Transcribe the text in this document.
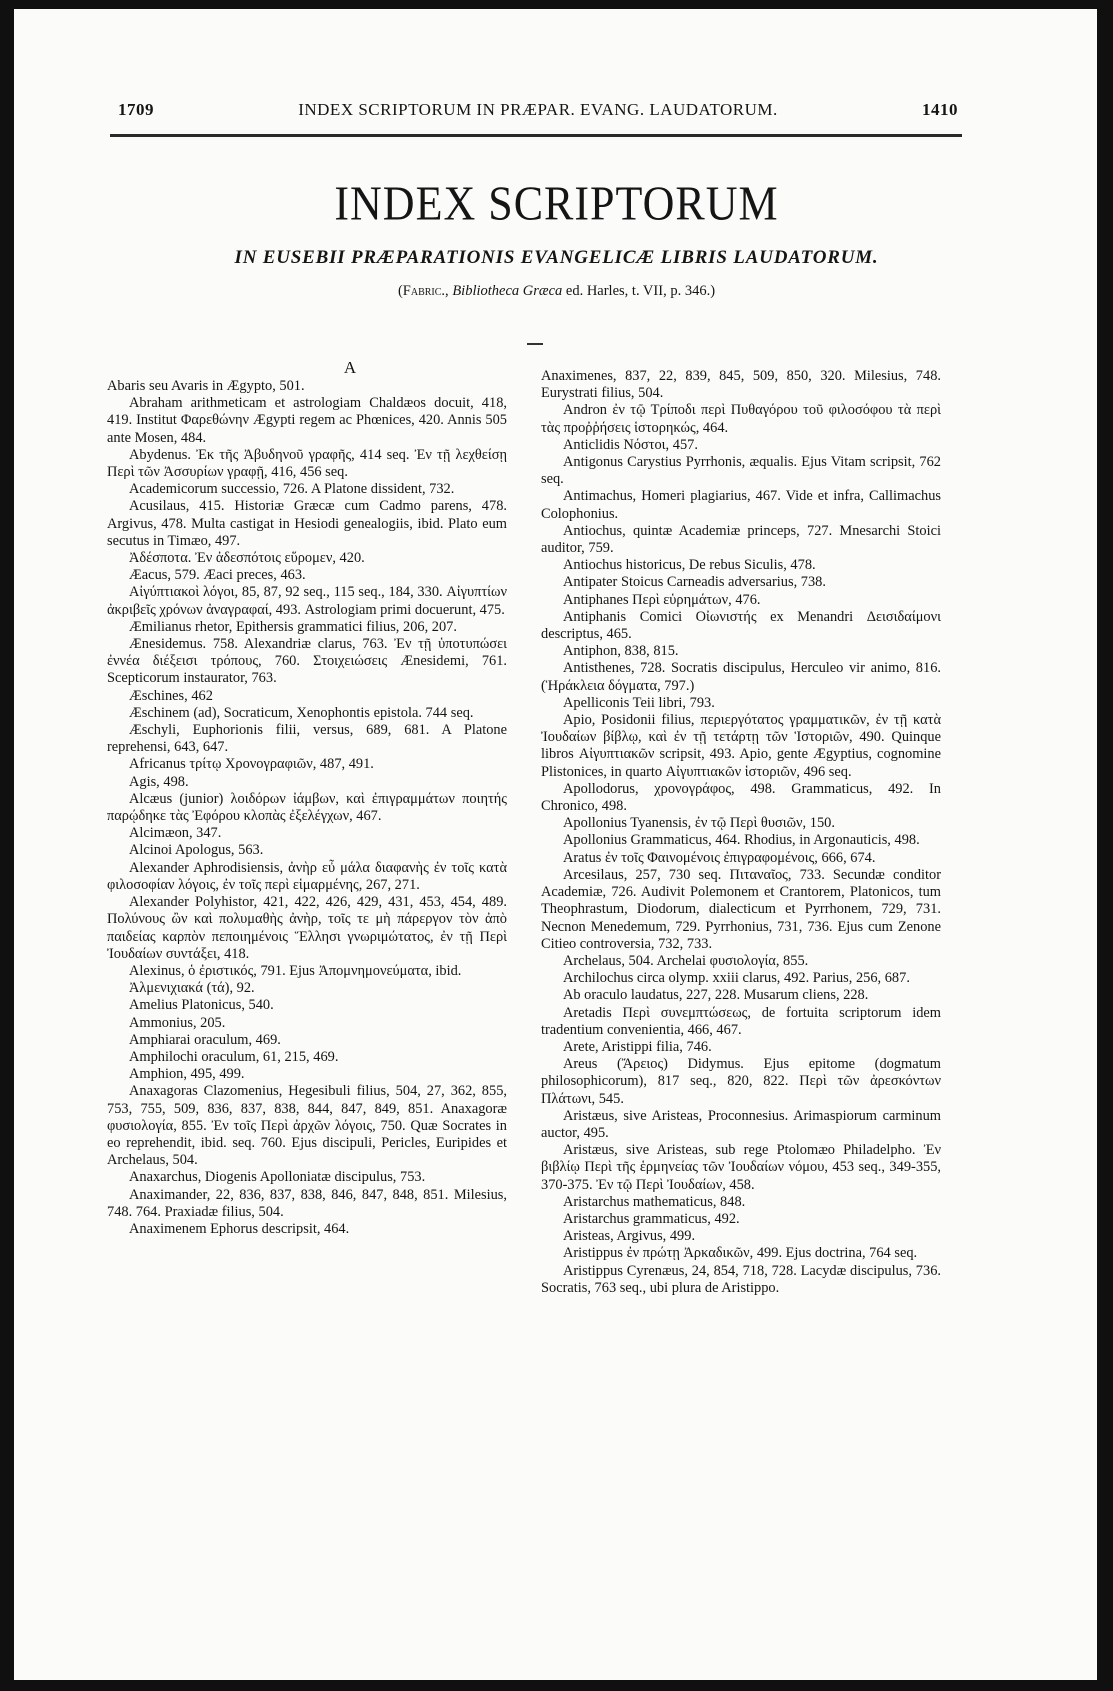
1709	INDEX SCRIPTORUM IN PRÆPAR. EVANG. LAUDATORUM.	1410
INDEX SCRIPTORUM
IN EUSEBII PRÆPARATIONIS EVANGELICÆ LIBRIS LAUDATORUM.
(Fabric., Bibliotheca Græca ed. Harles, t. VII, p. 346.)
A

Abaris seu Avaris in Ægypto, 501.

Abraham arithmeticam et astrologiam Chaldæos docuit, 418, 419. Institut Φαρεθώνην Ægypti regem ac Phœnices, 420. Annis 505 ante Mosen, 484.

Abydenus. Ἐκ τῆς Ἀβυδηνοῦ γραφῆς, 414 seq. Ἐν τῇ λεχθείσῃ Περὶ τῶν Ἀσσυρίων γραφῇ, 416, 456 seq.

Academicorum successio, 726. A Platone dissident, 732.

Acusilaus, 415. Historiæ Græcæ cum Cadmo parens, 478. Argivus, 478. Multa castigat in Hesiodi genealogiis, ibid. Plato eum secutus in Timæo, 497.

Ἀδέσποτα. Ἐν ἀδεσπότοις εὕρομεν, 420.

Æacus, 579. Æaci preces, 463.

Αἰγύπτιακοὶ λόγοι, 85, 87, 92 seq., 115 seq., 184, 330. Αἰγυπτίων ἀκριβεῖς χρόνων ἀναγραφαί, 493. Astrologiam primi docuerunt, 475.

Æmilianus rhetor, Epithersis grammatici filius, 206, 207.

Ænesidemus. 758. Alexandriæ clarus, 763. Ἐν τῇ ὑποτυπώσει ἐννέα διέξεισι τρόπους, 760. Στοιχειώσεις Ænesidemi, 761. Scepticorum instaurator, 763.

Æschines, 462

Æschinem (ad), Socraticum, Xenophontis epistola. 744 seq.

Æschyli, Euphorionis filii, versus, 689, 681. A Platone reprehensi, 643, 647.

Africanus τρίτῳ Χρονογραφιῶν, 487, 491.

Agis, 498.

Alcæus (junior) λοιδόρων ἰάμβων, καὶ ἐπιγραμμάτων ποιητής παρῴδηκε τὰς Ἐφόρου κλοπὰς ἐξελέγχων, 467.

Alcimæon, 347.

Alcinoi Apologus, 563.

Alexander Aphrodisiensis, ἀνὴρ εὖ μάλα διαφανὴς ἐν τοῖς κατὰ φιλοσοφίαν λόγοις, ἐν τοῖς περὶ εἱμαρμένης, 267, 271.

Alexander Polyhistor, 421, 422, 426, 429, 431, 453, 454, 489. Πολύνους ὢν καὶ πολυμαθὴς ἀνὴρ, τοῖς τε μὴ πάρεργον τὸν ἀπὸ παιδείας καρπὸν πεποιημένοις Ἕλλησι γνωριμώτατος, ἐν τῇ Περὶ Ἰουδαίων συντάξει, 418.

Alexinus, ὁ ἐριστικός, 791. Ejus Ἀπομνημονεύματα, ibid.

Ἀλμενιχιακά (τά), 92.

Amelius Platonicus, 540.

Ammonius, 205.

Amphiarai oraculum, 469.

Amphilochi oraculum, 61, 215, 469.

Amphion, 495, 499.

Anaxagoras Clazomenius, Hegesibuli filius, 504, 27, 362, 855, 753, 755, 509, 836, 837, 838, 844, 847, 849, 851. Anaxagoræ φυσιολογία, 855. Ἐν τοῖς Περὶ ἀρχῶν λόγοις, 750. Quæ Socrates in eo reprehendit, ibid. seq. 760. Ejus discipuli, Pericles, Euripides et Archelaus, 504.

Anaxarchus, Diogenis Apolloniatæ discipulus, 753.

Anaximander, 22, 836, 837, 838, 846, 847, 848, 851. Milesius, 748. 764. Praxiadæ filius, 504.

Anaximenem Ephorus descripsit, 464.

Anaximenes, 837, 22, 839, 845, 509, 850, 320. Milesius, 748. Eurystrati filius, 504.

Andron ἐν τῷ Τρίποδι περὶ Πυθαγόρου τοῦ φιλοσόφου τὰ περὶ τὰς προῤῥήσεις ἱστορηκώς, 464.

Anticlidis Νόστοι, 457.

Antigonus Carystius Pyrrhonis, æqualis. Ejus Vitam scripsit, 762 seq.

Antimachus, Homeri plagiarius, 467. Vide et infra, Callimachus Colophonius.

Antiochus, quintæ Academiæ princeps, 727. Mnesarchi Stoici auditor, 759.

Antiochus historicus, De rebus Siculis, 478.

Antipater Stoicus Carneadis adversarius, 738.

Antiphanes Περὶ εὑρημάτων, 476.

Antiphanis Comici Οἰωνιστής ex Menandri Δεισιδαίμονι descriptus, 465.

Antiphon, 838, 815.

Antisthenes, 728. Socratis discipulus, Herculeo vir animo, 816. (Ἡράκλεια δόγματα, 797.)

Apelliconis Teii libri, 793.

Apio, Posidonii filius, περιεργότατος γραμματικῶν, ἐν τῇ κατὰ Ἰουδαίων βίβλῳ, καὶ ἐν τῇ τετάρτῃ τῶν Ἱστοριῶν, 490. Quinque libros Αἰγυπτιακῶν scripsit, 493. Apio, gente Ægyptius, cognomine Plistonices, in quarto Αἰγυπτιακῶν ἱστοριῶν, 496 seq.

Apollodorus, χρονογράφος, 498. Grammaticus, 492. In Chronico, 498.

Apollonius Tyanensis, ἐν τῷ Περὶ θυσιῶν, 150.

Apollonius Grammaticus, 464. Rhodius, in Argonauticis, 498.

Aratus ἐν τοῖς Φαινομένοις ἐπιγραφομένοις, 666, 674.

Arcesilaus, 257, 730 seq. Πιταναῖος, 733. Secundæ conditor Academiæ, 726. Audivit Polemonem et Crantorem, Platonicos, tum Theophrastum, Diodorum, dialecticum et Pyrrhonem, 729, 731. Necnon Menedemum, 729. Pyrrhonius, 731, 736. Ejus cum Zenone Citieo controversia, 732, 733.

Archelaus, 504. Archelai φυσιολογία, 855.

Archilochus circa olymp. xxiii clarus, 492. Parius, 256, 687.

Ab oraculo laudatus, 227, 228. Musarum cliens, 228.

Aretadis Περὶ συνεμπτώσεως, de fortuita scriptorum idem tradentium convenientia, 466, 467.

Arete, Aristippi filia, 746.

Areus (Ἄρειος) Didymus. Ejus epitome (dogmatum philosophicorum), 817 seq., 820, 822. Περὶ τῶν ἀρεσκόντων Πλάτωνι, 545.

Aristæus, sive Aristeas, Proconnesius. Arimaspiorum carminum auctor, 495.

Aristæus, sive Aristeas, sub rege Ptolomæo Philadelpho. Ἐν βιβλίῳ Περὶ τῆς ἑρμηνείας τῶν Ἰουδαίων νόμου, 453 seq., 349-355, 370-375. Ἐν τῷ Περὶ Ἰουδαίων, 458.

Aristarchus mathematicus, 848.

Aristarchus grammaticus, 492.

Aristeas, Argivus, 499.

Aristippus ἐν πρώτῃ Ἀρκαδικῶν, 499. Ejus doctrina, 764 seq.

Aristippus Cyrenæus, 24, 854, 718, 728. Lacydæ discipulus, 736. Socratis, 763 seq., ubi plura de Aristippo.
